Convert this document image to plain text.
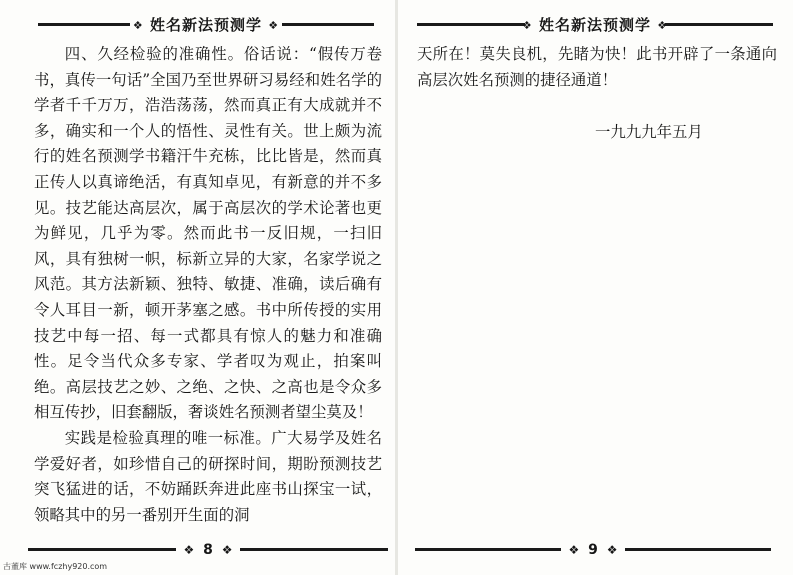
❖ 姓名新法预测学 ❖

四、久经检验的准确性。俗话说：“假传万卷书，真传一句话”全国乃至世界研习易经和姓名学的学者千千万万，浩浩荡荡，然而真正有大成就并不多，确实和一个人的悟性、灵性有关。世上颇为流行的姓名预测学书籍汗牛充栋，比比皆是，然而真正传人以真谛绝活，有真知卓见，有新意的并不多见。技艺能达高层次，属于高层次的学术论著也更为鲜见，几乎为零。然而此书一反旧规，一扫旧风，具有独树一帜，标新立异的大家，名家学说之风范。其方法新颖、独特、敏捷、准确，读后确有令人耳目一新，顿开茅塞之感。书中所传授的实用技艺中每一招、每一式都具有惊人的魅力和准确性。足令当代众多专家、学者叹为观止，拍案叫绝。高层技艺之妙、之绝、之快、之高也是令众多相互传抄，旧套翻版，奢谈姓名预测者望尘莫及！

实践是检验真理的唯一标准。广大易学及姓名学爱好者，如珍惜自己的研探时间，期盼预测技艺突飞猛进的话，不妨踊跃奔进此座书山探宝一试，领略其中的另一番别开生面的洞

❖ 8 ❖
古董库 www.fczhy920.com
❖ 姓名新法预测学 ❖

天所在！莫失良机，先睹为快！此书开辟了一条通向高层次姓名预测的捷径通道！

一九九九年五月
❖ 9 ❖
